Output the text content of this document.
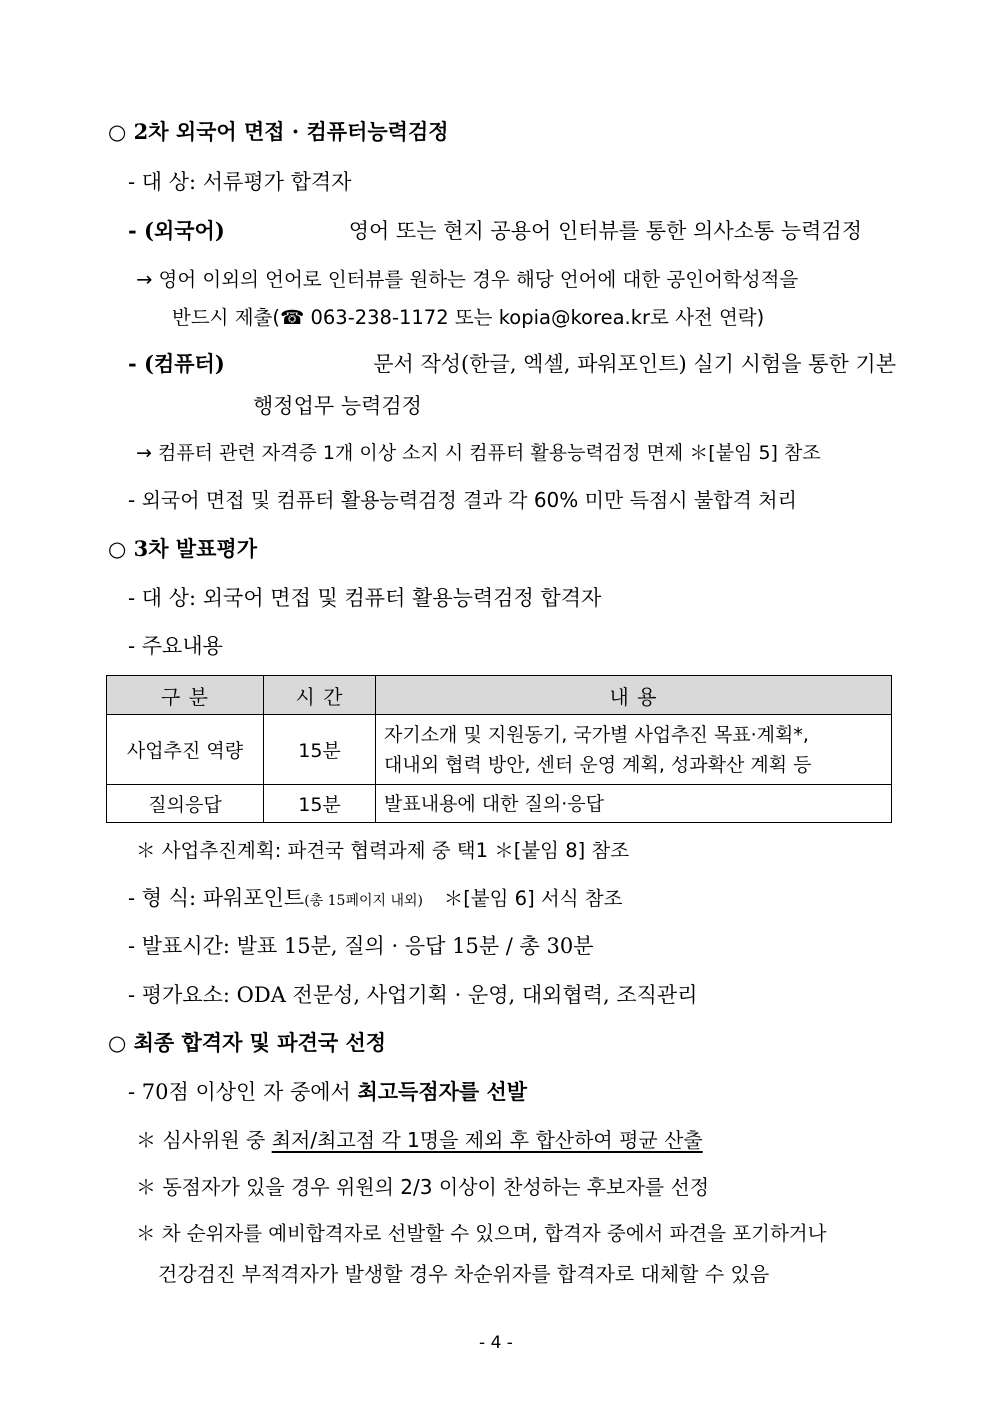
○ 2차 외국어 면접 · 컴퓨터능력검정
- 대 상: 서류평가 합격자
- (외국어)	영어 또는 현지 공용어 인터뷰를 통한 의사소통 능력검정
→ 영어 이외의 언어로 인터뷰를 원하는 경우 해당 언어에 대한 공인어학성적을
반드시 제출(☎ 063-238-1172 또는 kopia@korea.kr로 사전 연락)
- (컴퓨터)	문서 작성(한글, 엑셀, 파워포인트) 실기 시험을 통한 기본
행정업무 능력검정
→ 컴퓨터 관련 자격증 1개 이상 소지 시 컴퓨터 활용능력검정 면제 ＊[붙임 5] 참조
- 외국어 면접 및 컴퓨터 활용능력검정 결과 각 60% 미만 득점시 불합격 처리
○ 3차 발표평가
- 대 상: 외국어 면접 및 컴퓨터 활용능력검정 합격자
- 주요내용
구 분	시 간	내 용
사업추진 역량	15분	자기소개 및 지원동기, 국가별 사업추진 목표·계획*,
대내외 협력 방안, 센터 운영 계획, 성과확산 계획 등

질의응답	15분	발표내용에 대한 질의·응답
＊ 사업추진계획: 파견국 협력과제 중 택1 ＊[붙임 8] 참조
- 형 식: 파워포인트(총 15페이지 내외) ＊[붙임 6] 서식 참조
- 발표시간: 발표 15분, 질의 · 응답 15분 / 총 30분
- 평가요소: ODA 전문성, 사업기획 · 운영, 대외협력, 조직관리
○ 최종 합격자 및 파견국 선정
- 70점 이상인 자 중에서 최고득점자를 선발
＊ 심사위원 중 최저/최고점 각 1명을 제외 후 합산하여 평균 산출
＊ 동점자가 있을 경우 위원의 2/3 이상이 찬성하는 후보자를 선정
＊ 차 순위자를 예비합격자로 선발할 수 있으며, 합격자 중에서 파견을 포기하거나
건강검진 부적격자가 발생할 경우 차순위자를 합격자로 대체할 수 있음
- 4 -
